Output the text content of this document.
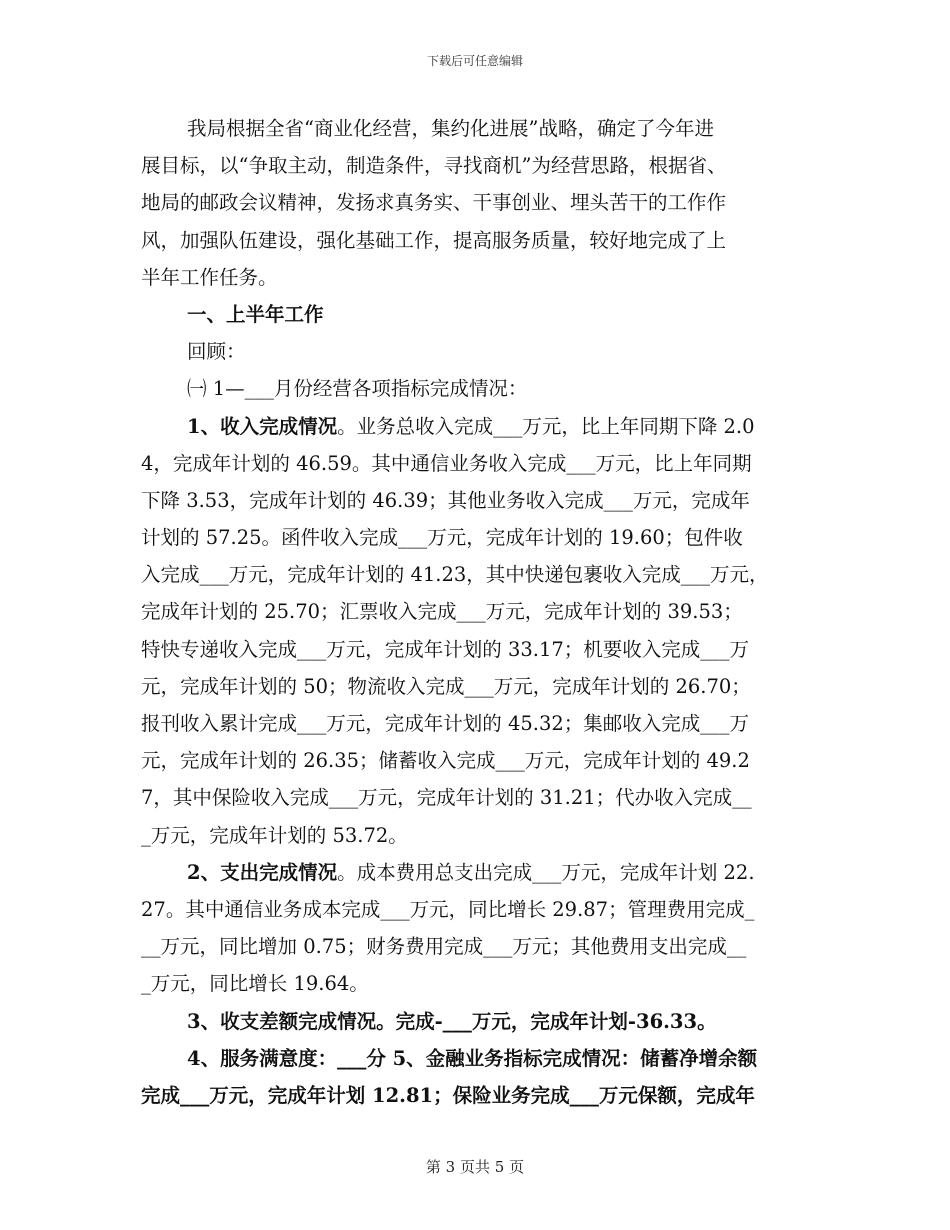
下载后可任意编辑
我局根据全省“商业化经营，集约化进展”战略，确定了今年进
展目标，以“争取主动，制造条件，寻找商机”为经营思路，根据省、
地局的邮政会议精神，发扬求真务实、干事创业、埋头苦干的工作作
风，加强队伍建设，强化基础工作，提高服务质量，较好地完成了上
半年工作任务。
一、上半年工作
回顾：
㈠ 1—___月份经营各项指标完成情况：
1、收入完成情况。业务总收入完成___万元，比上年同期下降 2.0
4，完成年计划的 46.59。其中通信业务收入完成___万元，比上年同期
下降 3.53，完成年计划的 46.39；其他业务收入完成___万元，完成年
计划的 57.25。函件收入完成___万元，完成年计划的 19.60；包件收
入完成___万元，完成年计划的 41.23，其中快递包裹收入完成___万元，
完成年计划的 25.70；汇票收入完成___万元，完成年计划的 39.53；
特快专递收入完成___万元，完成年计划的 33.17；机要收入完成___万
元，完成年计划的 50；物流收入完成___万元，完成年计划的 26.70；
报刊收入累计完成___万元，完成年计划的 45.32；集邮收入完成___万
元，完成年计划的 26.35；储蓄收入完成___万元，完成年计划的 49.2
7，其中保险收入完成___万元，完成年计划的 31.21；代办收入完成__
_万元，完成年计划的 53.72。
2、支出完成情况。成本费用总支出完成___万元，完成年计划 22.
27。其中通信业务成本完成___万元，同比增长 29.87；管理费用完成_
__万元，同比增加 0.75；财务费用完成___万元；其他费用支出完成__
_万元，同比增长 19.64。
3、收支差额完成情况。完成-___万元，完成年计划-36.33。
4、服务满意度：___分 5、金融业务指标完成情况：储蓄净增余额
完成___万元，完成年计划 12.81；保险业务完成___万元保额，完成年
第 3 页共 5 页
